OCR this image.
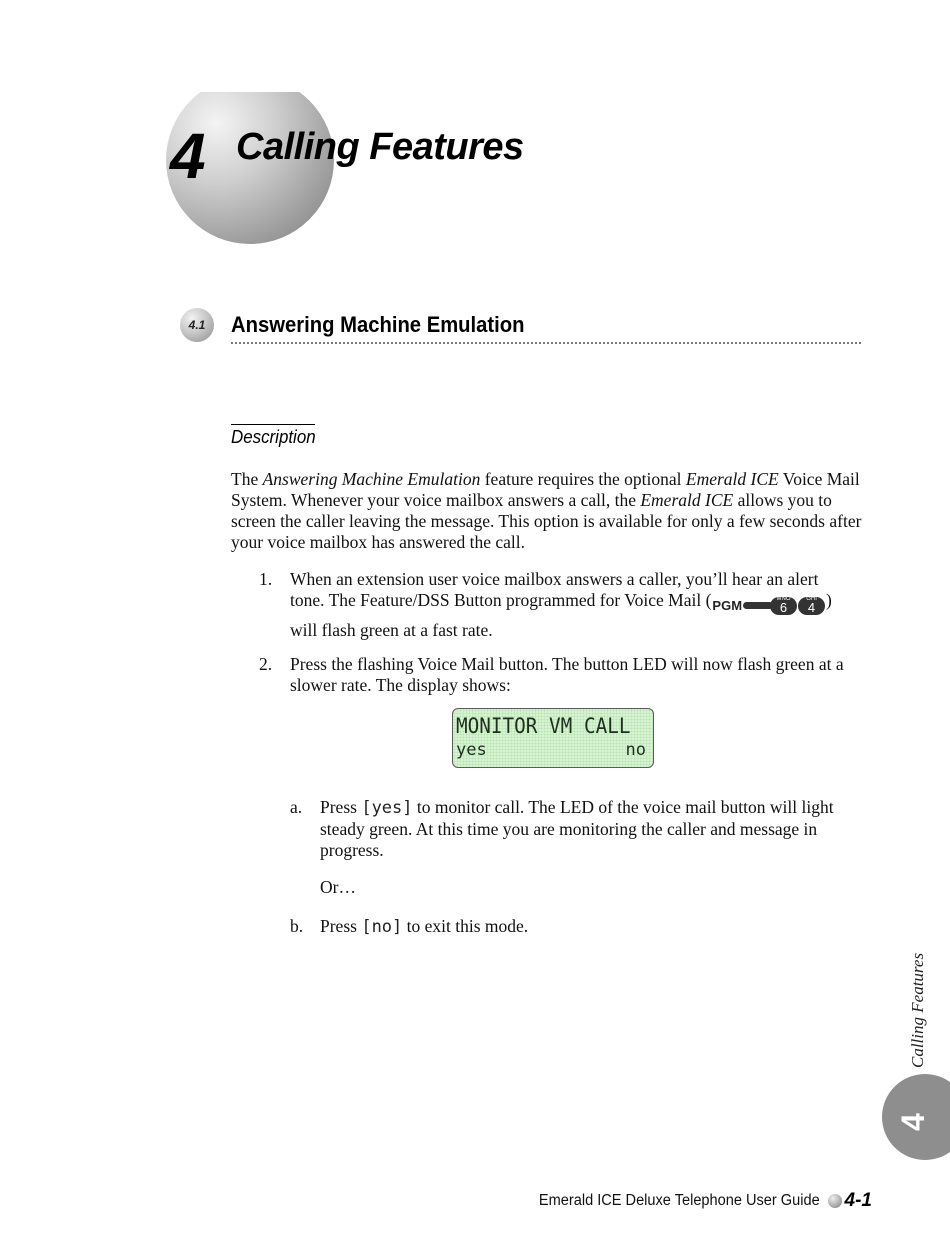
4 Calling Features
4.1	Answering Machine Emulation
Description

The Answering Machine Emulation feature requires the optional Emerald ICE Voice Mail System. Whenever your voice mailbox answers a call, the Emerald ICE allows you to screen the caller leaving the message. This option is available for only a few seconds after your voice mailbox has answered the call.

1. When an extension user voice mailbox answers a caller, you’ll hear an alert
tone. The Feature/DSS Button programmed for Voice Mail ( PGM	MNO
6
GHI
4 )
will flash green at a fast rate.
2. Press the flashing Voice Mail button. The button LED will now flash green at a slower rate. The display shows:
MONITOR VM CALL
yes	no
a. Press [yes] to monitor call. The LED of the voice mail button will light steady green. At this time you are monitoring the caller and message in progress.
Or…
b. Press [no] to exit this mode.
Calling Features
4
Emerald ICE Deluxe Telephone User Guide 4-1
